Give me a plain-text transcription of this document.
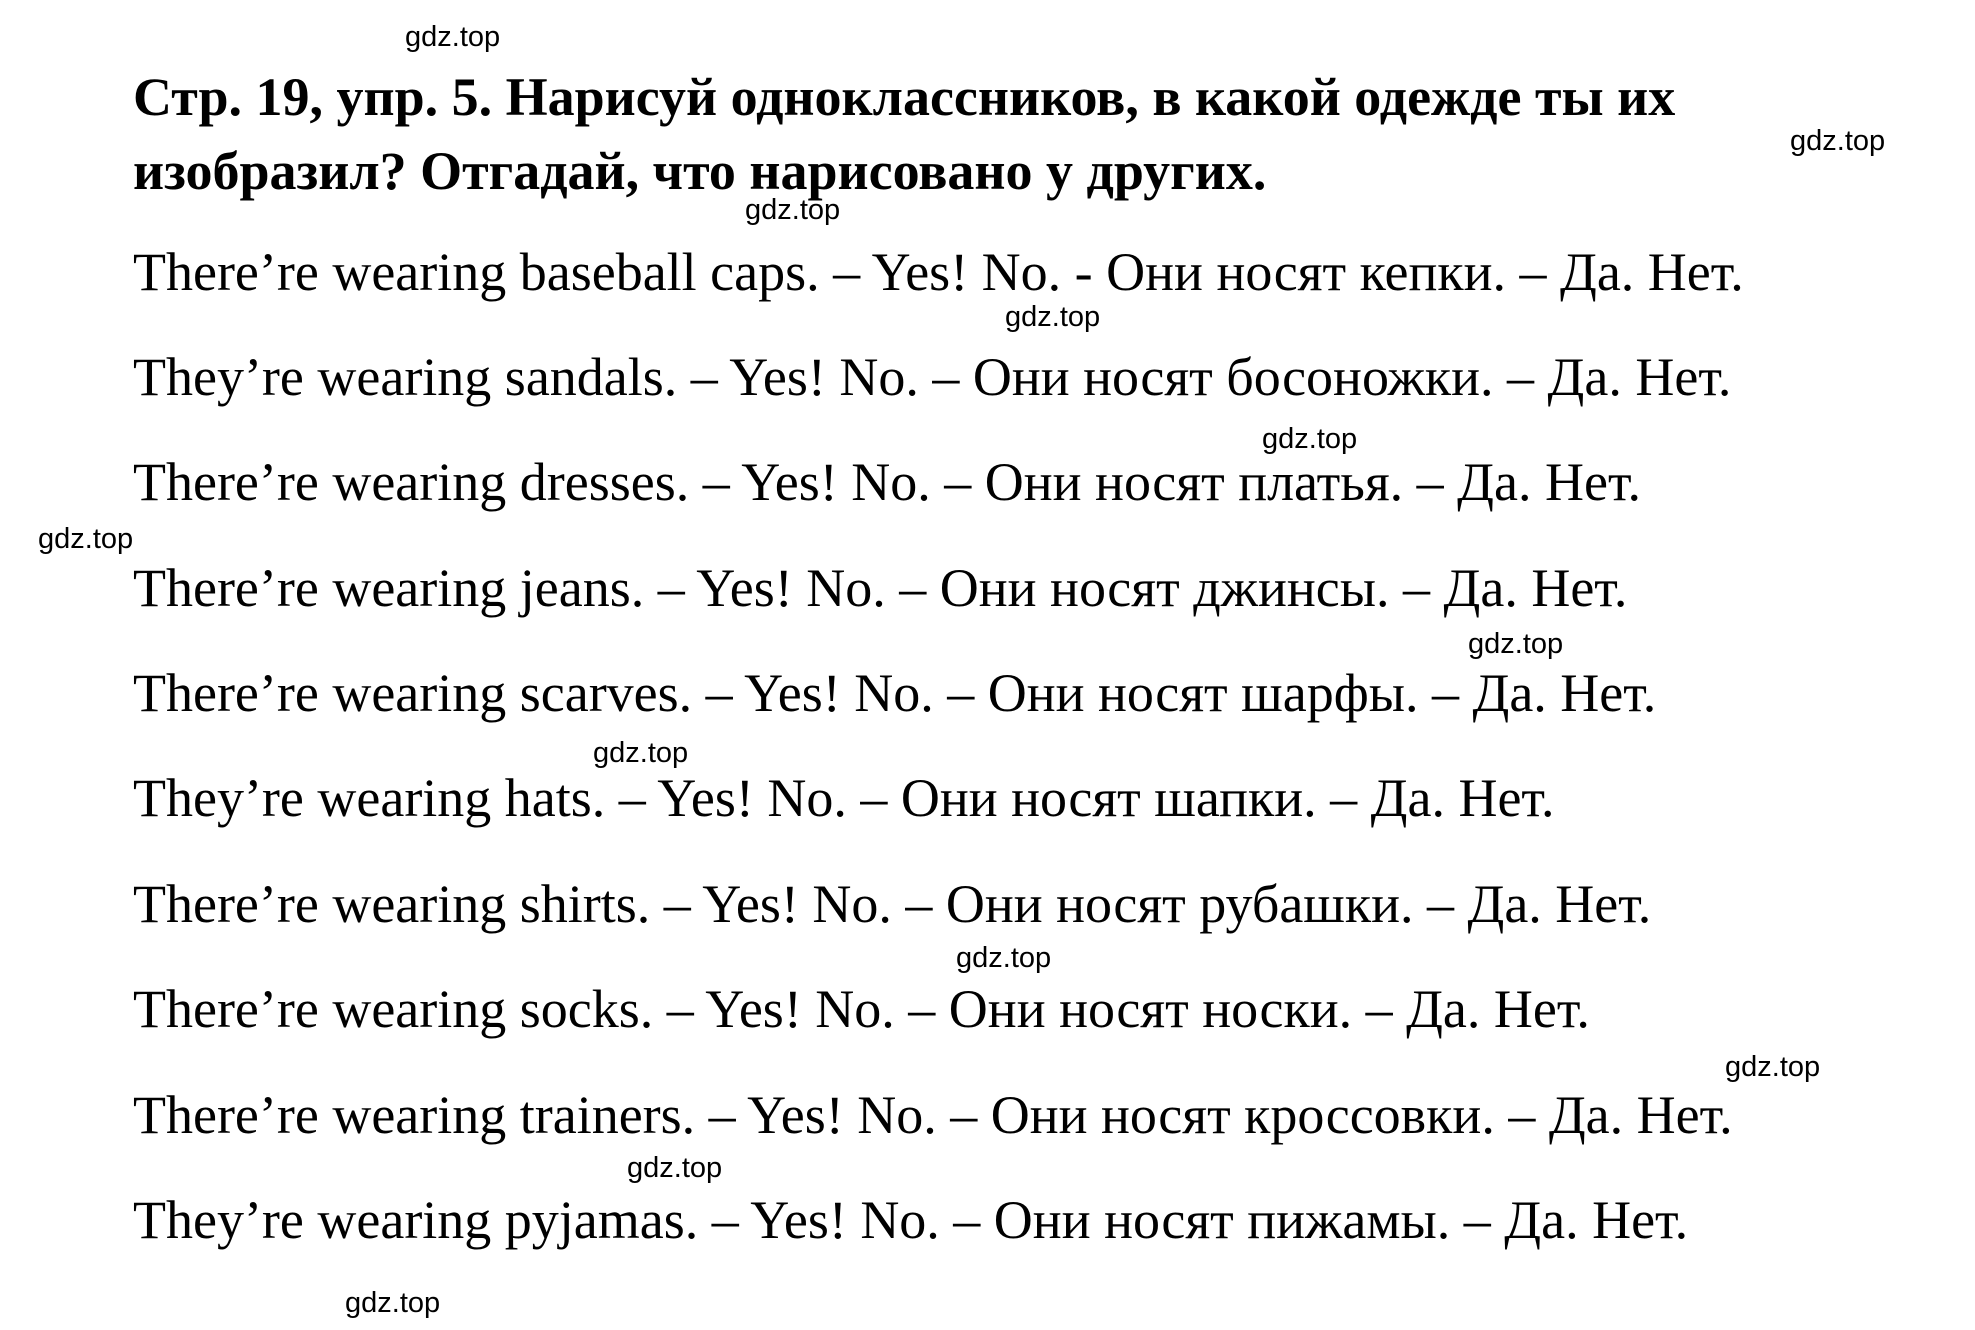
Стр. 19, упр. 5. Нарисуй одноклассников, в какой одежде ты их изобразил? Отгадай, что нарисовано у других.

There’re wearing baseball caps. – Yes! No. - Они носят кепки. – Да. Нет.

They’re wearing sandals. – Yes! No. – Они носят босоножки. – Да. Нет.

There’re wearing dresses. – Yes! No. – Они носят платья. – Да. Нет.

There’re wearing jeans. – Yes! No. – Они носят джинсы. – Да. Нет.

There’re wearing scarves. – Yes! No. – Они носят шарфы. – Да. Нет.

They’re wearing hats. – Yes! No. – Они носят шапки. – Да. Нет.

There’re wearing shirts. – Yes! No. – Они носят рубашки. – Да. Нет.

There’re wearing socks. – Yes! No. – Они носят носки. – Да. Нет.

There’re wearing trainers. – Yes! No. – Они носят кроссовки. – Да. Нет.

They’re wearing pyjamas. – Yes! No. – Они носят пижамы. – Да. Нет.

gdz.top
gdz.top
gdz.top
gdz.top
gdz.top
gdz.top
gdz.top
gdz.top
gdz.top
gdz.top
gdz.top
gdz.top
